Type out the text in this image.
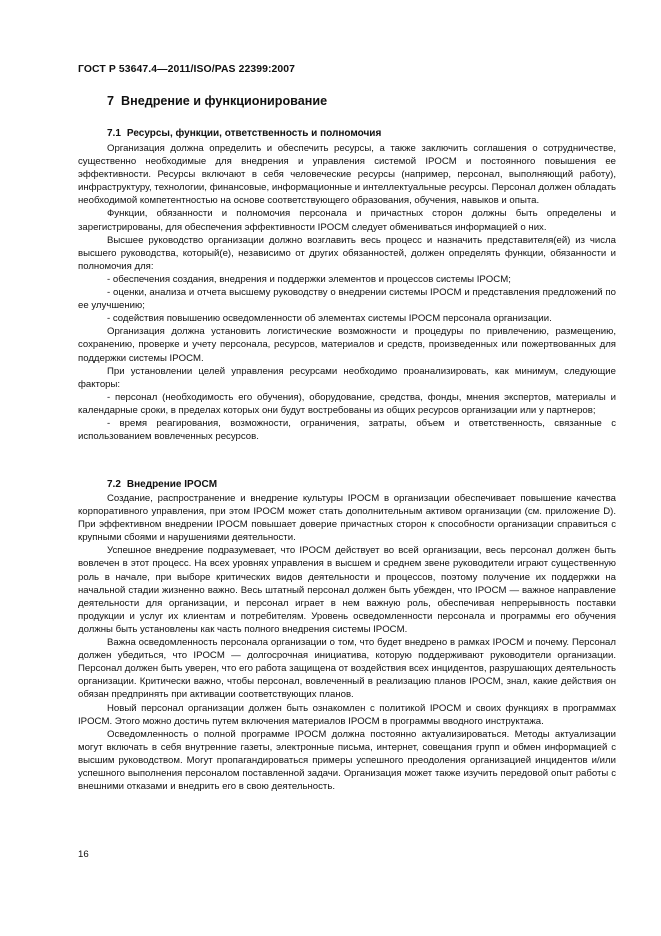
ГОСТ Р 53647.4—2011/ISO/PAS 22399:2007
7 Внедрение и функционирование
7.1 Ресурсы, функции, ответственность и полномочия

Организация должна определить и обеспечить ресурсы, а также заключить соглашения о сотрудничестве, существенно необходимые для внедрения и управления системой IPOCM и постоянного повышения ее эффективности. Ресурсы включают в себя человеческие ресурсы (например, персонал, выполняющий работу), инфраструктуру, технологии, финансовые, информационные и интеллектуальные ресурсы. Персонал должен обладать необходимой компетентностью на основе соответствующего образования, обучения, навыков и опыта.

Функции, обязанности и полномочия персонала и причастных сторон должны быть определены и зарегистрированы, для обеспечения эффективности IPOCM следует обмениваться информацией о них.

Высшее руководство организации должно возглавить весь процесс и назначить представителя(ей) из числа высшего руководства, который(е), независимо от других обязанностей, должен определять функции, обязанности и полномочия для:

- обеспечения создания, внедрения и поддержки элементов и процессов системы IPOCM;

- оценки, анализа и отчета высшему руководству о внедрении системы IPOCM и представления предложений по ее улучшению;

- содействия повышению осведомленности об элементах системы IPOCM персонала организации.

Организация должна установить логистические возможности и процедуры по привлечению, размещению, сохранению, проверке и учету персонала, ресурсов, материалов и средств, произведенных или пожертвованных для поддержки системы IPOCM.

При установлении целей управления ресурсами необходимо проанализировать, как минимум, следующие факторы:

- персонал (необходимость его обучения), оборудование, средства, фонды, мнения экспертов, материалы и календарные сроки, в пределах которых они будут востребованы из общих ресурсов организации или у партнеров;

- время реагирования, возможности, ограничения, затраты, объем и ответственность, связанные с использованием вовлеченных ресурсов.

7.2 Внедрение IPOCM

Создание, распространение и внедрение культуры IPOCM в организации обеспечивает повышение качества корпоративного управления, при этом IPOCM может стать дополнительным активом организации (см. приложение D). При эффективном внедрении IPOCM повышает доверие причастных сторон к способности организации справиться с крупными сбоями и нарушениями деятельности.

Успешное внедрение подразумевает, что IPOCM действует во всей организации, весь персонал должен быть вовлечен в этот процесс. На всех уровнях управления в высшем и среднем звене руководители играют существенную роль в начале, при выборе критических видов деятельности и процессов, поэтому получение их поддержки на начальной стадии жизненно важно. Весь штатный персонал должен быть убежден, что IPOCM — важное направление деятельности для организации, и персонал играет в нем важную роль, обеспечивая непрерывность поставки продукции и услуг их клиентам и потребителям. Уровень осведомленности персонала и программы его обучения должны быть установлены как часть полного внедрения системы IPOCM.

Важна осведомленность персонала организации о том, что будет внедрено в рамках IPOCM и почему. Персонал должен убедиться, что IPOCM — долгосрочная инициатива, которую поддерживают руководители организации. Персонал должен быть уверен, что его работа защищена от воздействия всех инцидентов, разрушающих деятельность организации. Критически важно, чтобы персонал, вовлеченный в реализацию планов IPOCM, знал, какие действия он обязан предпринять при активации соответствующих планов.

Новый персонал организации должен быть ознакомлен с политикой IPOCM и своих функциях в программах IPOCM. Этого можно достичь путем включения материалов IPOCM в программы вводного инструктажа.

Осведомленность о полной программе IPOCM должна постоянно актуализироваться. Методы актуализации могут включать в себя внутренние газеты, электронные письма, интернет, совещания групп и обмен информацией с высшим руководством. Могут пропагандироваться примеры успешного преодоления организацией инцидентов и/или успешного выполнения персоналом поставленной задачи. Организация может также изучить передовой опыт работы с внешними отказами и внедрить его в свою деятельность.

16
